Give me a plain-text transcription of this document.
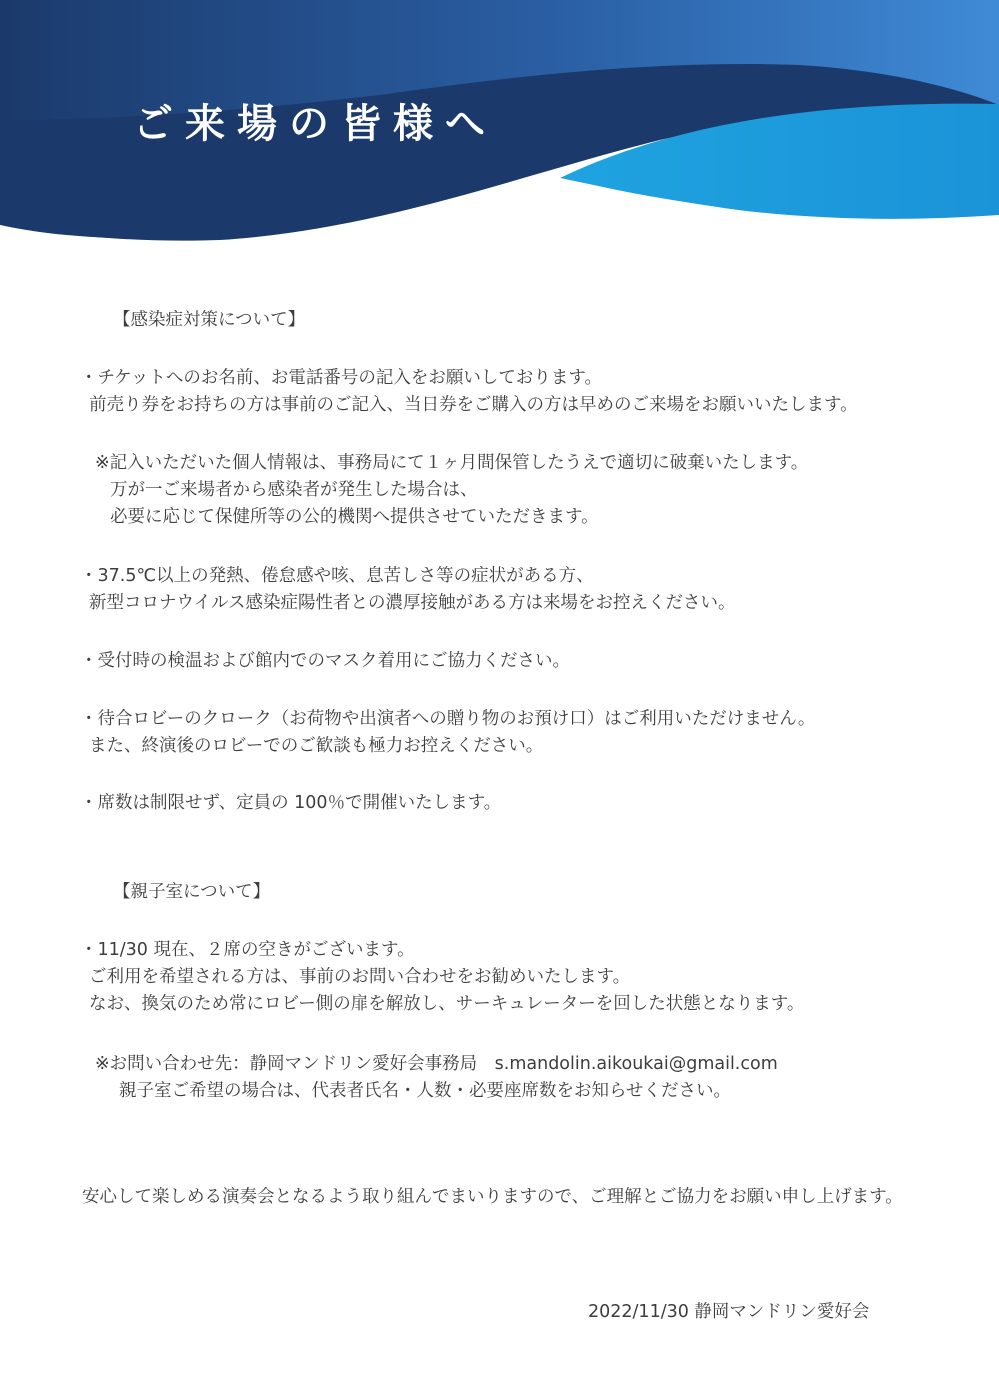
ご来場の皆様へ

【感染症対策について】

・チケットへのお名前、お電話番号の記入をお願いしております。

前売り券をお持ちの方は事前のご記入、当日券をご購入の方は早めのご来場をお願いいたします。

※記入いただいた個人情報は、事務局にて１ヶ月間保管したうえで適切に破棄いたします。

万が一ご来場者から感染者が発生した場合は、

必要に応じて保健所等の公的機関へ提供させていただきます。

・37.5℃以上の発熱、倦怠感や咳、息苦しさ等の症状がある方、

新型コロナウイルス感染症陽性者との濃厚接触がある方は来場をお控えください。

・受付時の検温および館内でのマスク着用にご協力ください。

・待合ロビーのクローク（お荷物や出演者への贈り物のお預け口）はご利用いただけません。

また、終演後のロビーでのご歓談も極力お控えください。

・席数は制限せず、定員の 100％で開催いたします。

【親子室について】

・11/30 現在、２席の空きがございます。

ご利用を希望される方は、事前のお問い合わせをお勧めいたします。

なお、換気のため常にロビー側の扉を解放し、サーキュレーターを回した状態となります。

※お問い合わせ先：静岡マンドリン愛好会事務局　s.mandolin.aikoukai@gmail.com

親子室ご希望の場合は、代表者氏名・人数・必要座席数をお知らせください。

安心して楽しめる演奏会となるよう取り組んでまいりますので、ご理解とご協力をお願い申し上げます。

2022/11/30 静岡マンドリン愛好会
